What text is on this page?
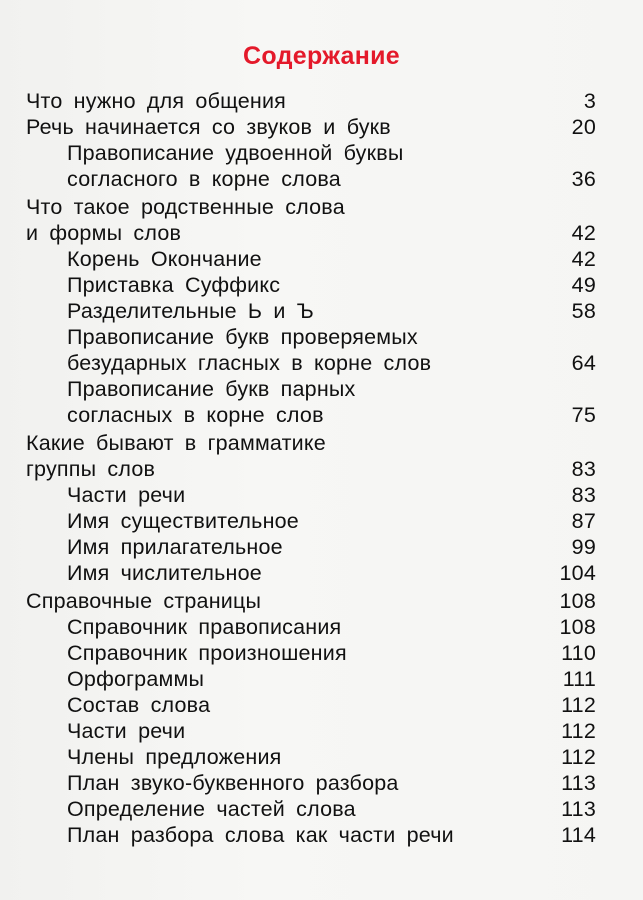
Содержание
Что нужно для общения	3
Речь начинается со звуков и букв	20
Правописание удвоенной буквы
согласного в корне слова	36
Что такое родственные слова
и формы слов	42
Корень Окончание	42
Приставка Суффикс	49
Разделительные Ь и Ъ	58
Правописание букв проверяемых
безударных гласных в корне слов	64
Правописание букв парных
согласных в корне слов	75
Какие бывают в грамматике
группы слов	83
Части речи	83
Имя существительное	87
Имя прилагательное	99
Имя числительное	104
Справочные страницы	108
Справочник правописания	108
Справочник произношения	110
Орфограммы	111
Состав слова	112
Части речи	112
Члены предложения	112
План звуко-буквенного разбора	113
Определение частей слова	113
План разбора слова как части речи	114
